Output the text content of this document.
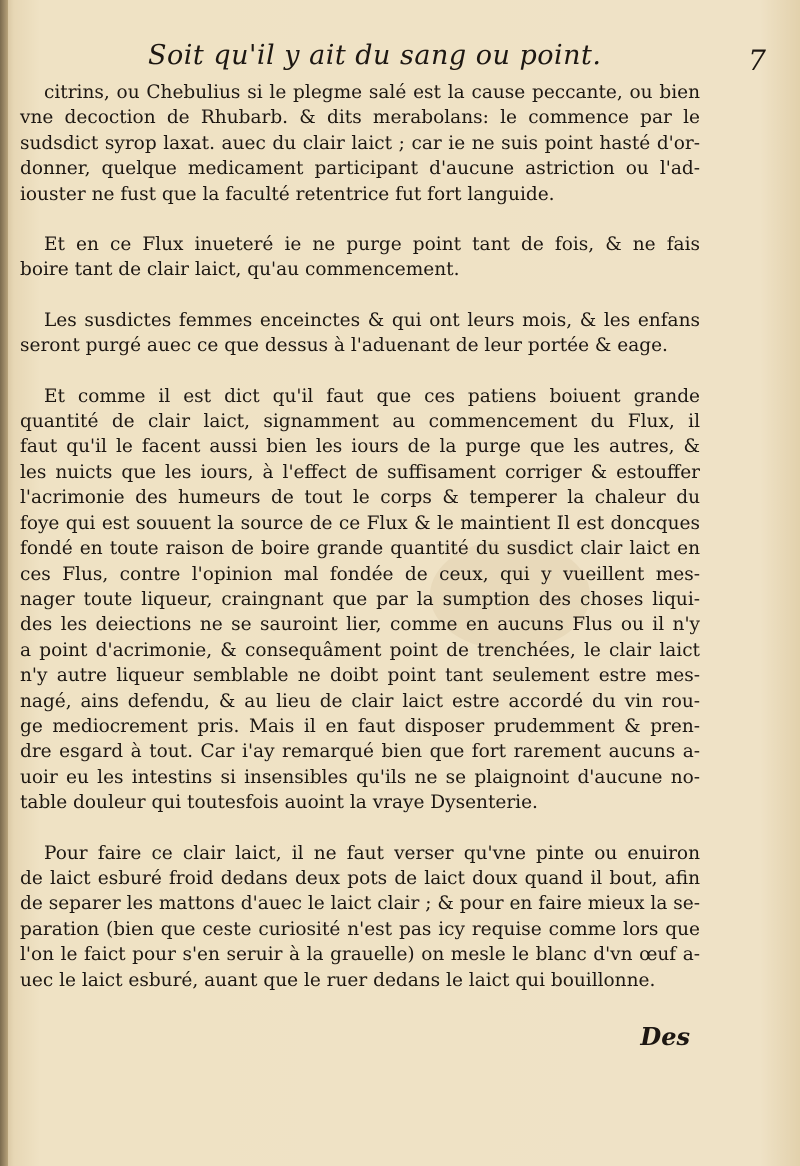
Soit qu'il y ait du sang ou point.	7
citrins, ou Chebulius si le plegme salé est la cause peccante, ou bien
vne decoction de Rhubarb. & dits merabolans: le commence par le
sudsdict syrop laxat. auec du clair laict ; car ie ne suis point hasté d'or-
donner, quelque medicament participant d'aucune astriction ou l'ad-
iouster ne fust que la faculté retentrice fut fort languide.
Et en ce Flux inueteré ie ne purge point tant de fois, & ne fais
boire tant de clair laict, qu'au commencement.
Les susdictes femmes enceinctes & qui ont leurs mois, & les enfans
seront purgé auec ce que dessus à l'aduenant de leur portée & eage.
Et comme il est dict qu'il faut que ces patiens boiuent grande
quantité de clair laict, signamment au commencement du Flux, il
faut qu'il le facent aussi bien les iours de la purge que les autres, &
les nuicts que les iours, à l'effect de suffisament corriger & estouffer
l'acrimonie des humeurs de tout le corps & temperer la chaleur du
foye qui est souuent la source de ce Flux & le maintient Il est doncques
fondé en toute raison de boire grande quantité du susdict clair laict en
ces Flus, contre l'opinion mal fondée de ceux, qui y vueillent mes-
nager toute liqueur, craingnant que par la sumption des choses liqui-
des les deiections ne se sauroint lier, comme en aucuns Flus ou il n'y
a point d'acrimonie, & consequâment point de trenchées, le clair laict
n'y autre liqueur semblable ne doibt point tant seulement estre mes-
nagé, ains defendu, & au lieu de clair laict estre accordé du vin rou-
ge mediocrement pris. Mais il en faut disposer prudemment & pren-
dre esgard à tout. Car i'ay remarqué bien que fort rarement aucuns a-
uoir eu les intestins si insensibles qu'ils ne se plaignoint d'aucune no-
table douleur qui toutesfois auoint la vraye Dysenterie.
Pour faire ce clair laict, il ne faut verser qu'vne pinte ou enuiron
de laict esburé froid dedans deux pots de laict doux quand il bout, afin
de separer les mattons d'auec le laict clair ; & pour en faire mieux la se-
paration (bien que ceste curiosité n'est pas icy requise comme lors que
l'on le faict pour s'en seruir à la grauelle) on mesle le blanc d'vn œuf a-
uec le laict esburé, auant que le ruer dedans le laict qui bouillonne.
Des
